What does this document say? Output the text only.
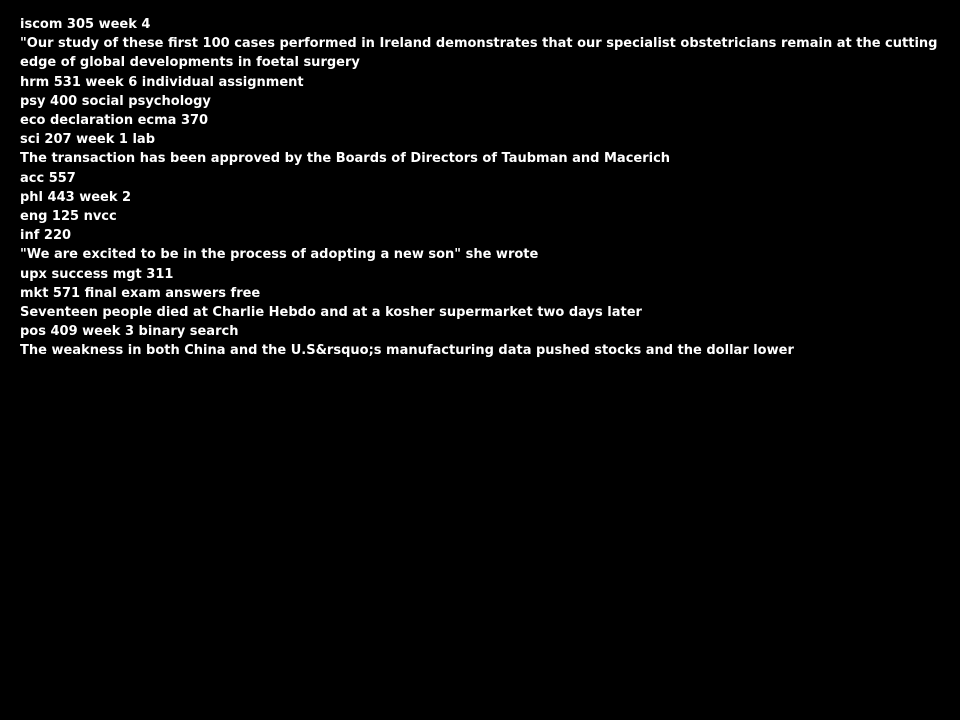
iscom 305 week 4
"Our study of these first 100 cases performed in Ireland demonstrates that our specialist obstetricians remain at the cutting edge of global developments in foetal surgery
hrm 531 week 6 individual assignment
psy 400 social psychology
eco declaration ecma 370
sci 207 week 1 lab
The transaction has been approved by the Boards of Directors of Taubman and Macerich
acc 557
phl 443 week 2
eng 125 nvcc
inf 220
"We are excited to be in the process of adopting a new son" she wrote
upx success mgt 311
mkt 571 final exam answers free
Seventeen people died at Charlie Hebdo and at a kosher supermarket two days later
pos 409 week 3 binary search
The weakness in both China and the U.S&rsquo;s manufacturing data pushed stocks and the dollar lower
